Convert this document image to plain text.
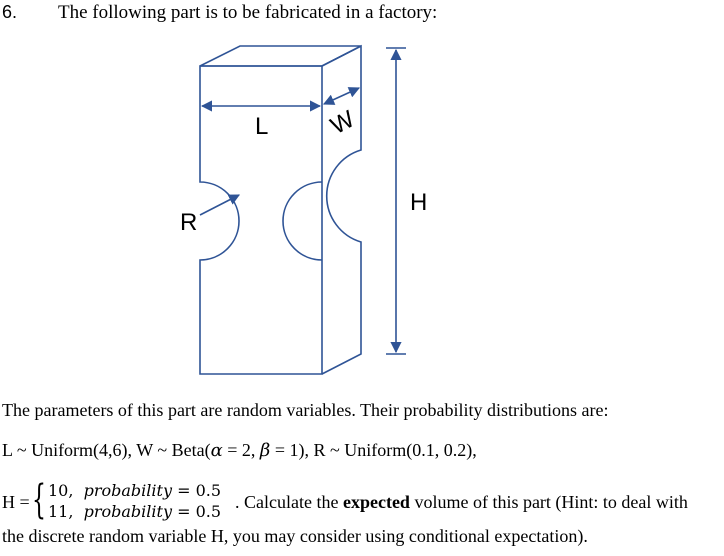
6. The following part is to be fabricated in a factory:
L W
R
H
The parameters of this part are random variables. Their probability distributions are:
L ~ Uniform(4,6), W ~ Beta(α = 2, β = 1), R ~ Uniform(0.1, 0.2),
H = { 10, probability = 0.5
11, probability = 0.5 . Calculate the expected volume of this part (Hint: to deal with
the discrete random variable H, you may consider using conditional expectation).
